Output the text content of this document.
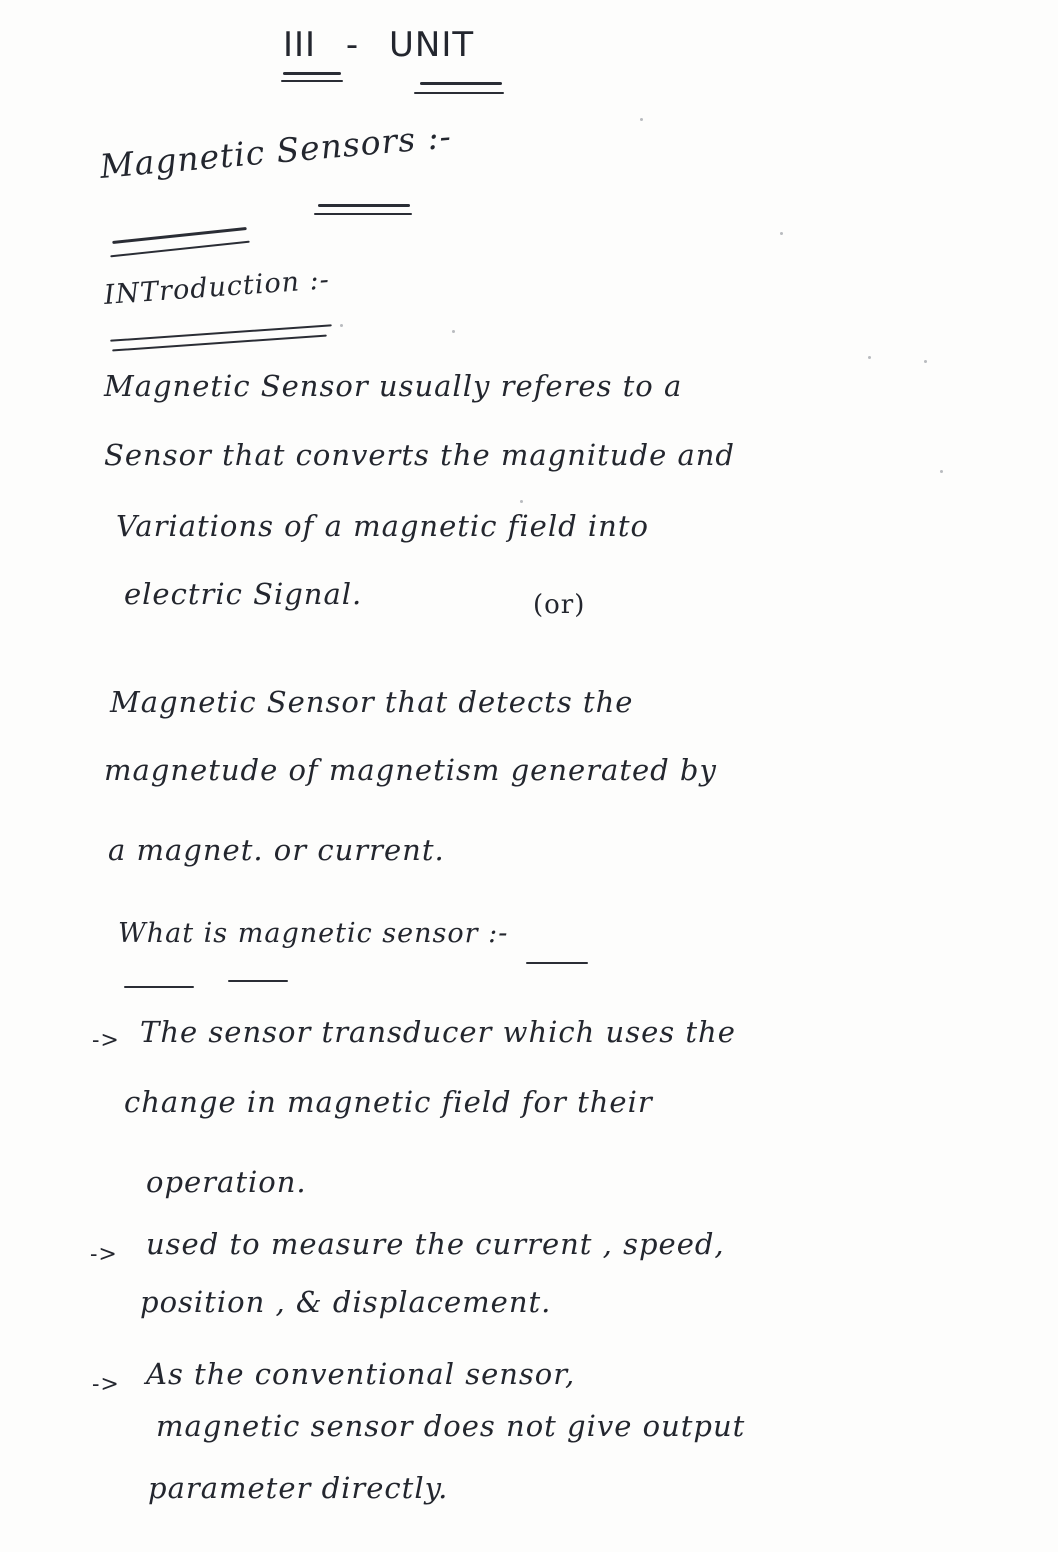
III - UNIT
Magnetic Sensors :-
INTroduction :-
Magnetic Sensor usually referes to a
Sensor that converts the magnitude and
Variations of a magnetic field into
electric Signal.	(or)
Magnetic Sensor that detects the
magnetude of magnetism generated by
a magnet. or current.
What is magnetic sensor :-
-> The sensor transducer which uses the
change in magnetic field for their
operation.
-> used to measure the current , speed,
position , & displacement.
-> As the conventional sensor,
magnetic sensor does not give output
parameter directly.
